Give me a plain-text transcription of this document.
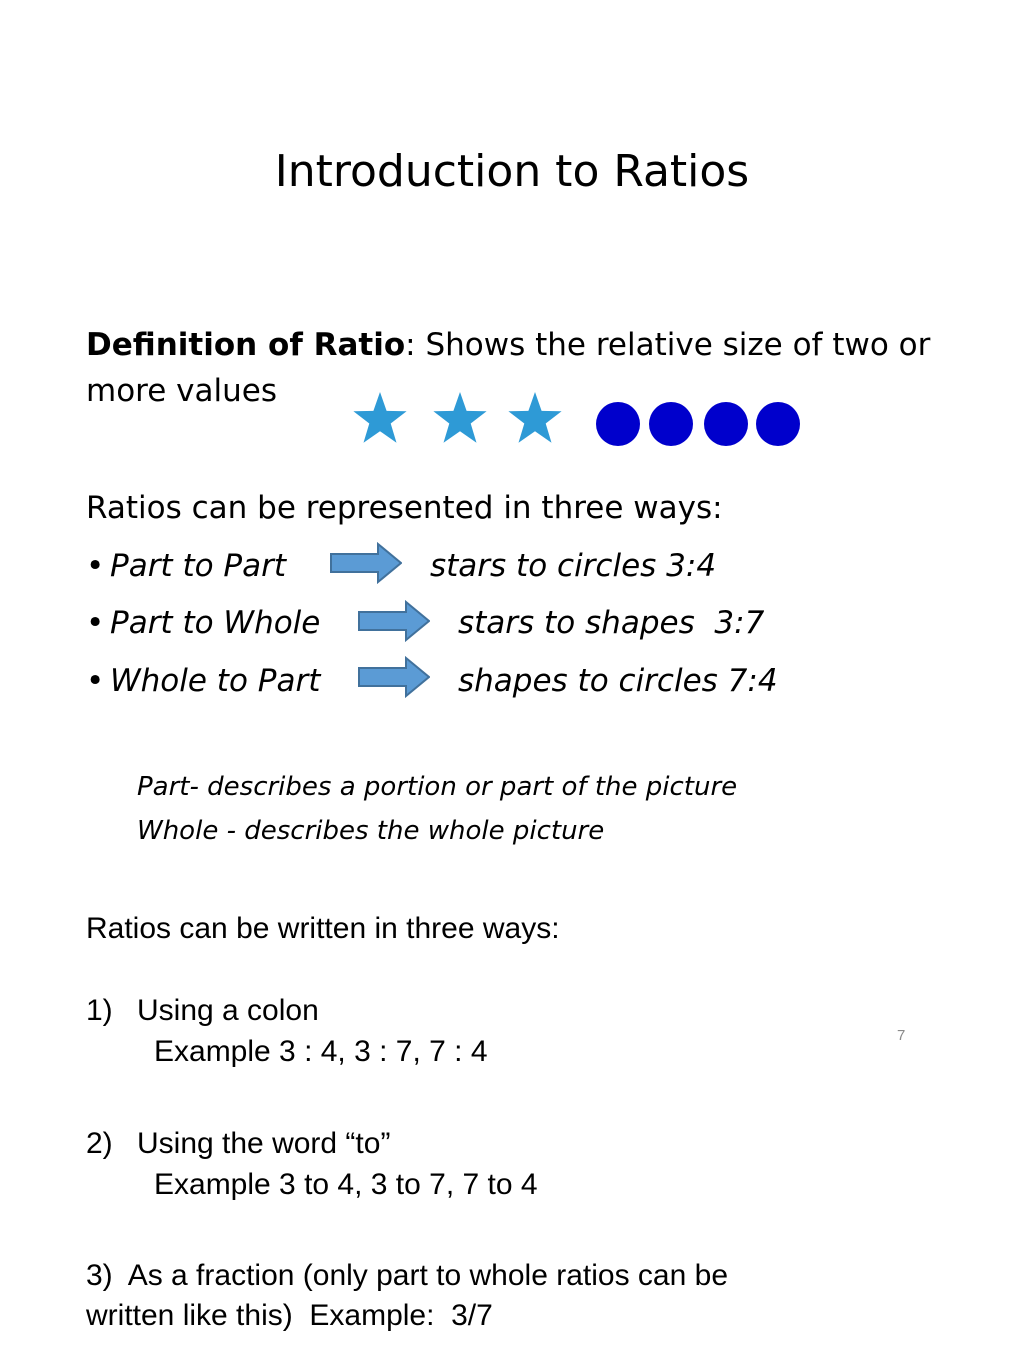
Introduction to Ratios
Definition of Ratio: Shows the relative size of two or more values
Ratios can be represented in three ways:
• Part to Part	stars to circles 3:4
• Part to Whole	stars to shapes  3:7
• Whole to Part	shapes to circles 7:4
Part- describes a portion or part of the picture
Whole - describes the whole picture
Ratios can be written in three ways:
1) Using a colon
Example 3 : 4, 3 : 7, 7 : 4
2) Using the word “to”
Example 3 to 4, 3 to 7, 7 to 4
3)  As a fraction (only part to whole ratios can be
written like this)  Example:  3/7
7
